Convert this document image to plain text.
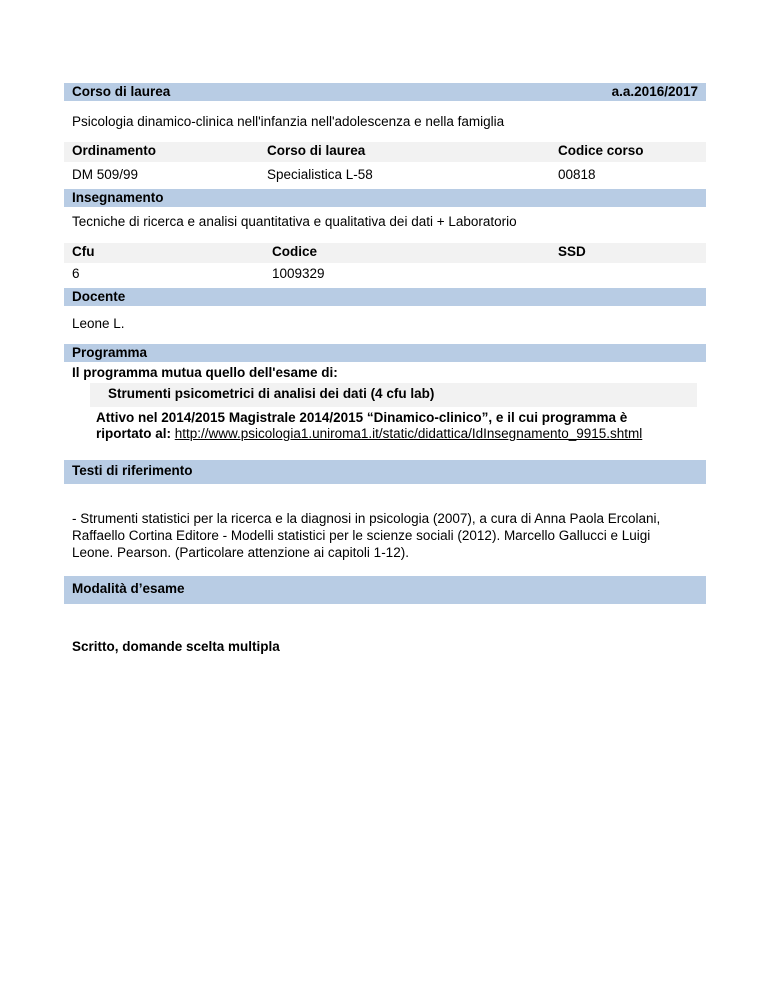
Corso di laurea	a.a.2016/2017
Psicologia dinamico-clinica nell'infanzia nell'adolescenza e nella famiglia
Ordinamento	Corso di laurea	Codice corso
DM 509/99	Specialistica L-58	00818
Insegnamento
Tecniche di ricerca e analisi quantitativa e qualitativa dei dati + Laboratorio
Cfu	Codice	SSD
6	1009329
Docente
Leone L.
Programma
Il programma mutua quello dell'esame di:
Strumenti psicometrici di analisi dei dati (4 cfu lab)
Attivo nel 2014/2015 Magistrale 2014/2015 “Dinamico-clinico”, e il cui programma è
riportato al: http://www.psicologia1.uniroma1.it/static/didattica/IdInsegnamento_9915.shtml
Testi di riferimento
- Strumenti statistici per la ricerca e la diagnosi in psicologia (2007), a cura di Anna Paola Ercolani,
Raffaello Cortina Editore - Modelli statistici per le scienze sociali (2012). Marcello Gallucci e Luigi
Leone. Pearson. (Particolare attenzione ai capitoli 1-12).
Modalità d’esame
Scritto, domande scelta multipla
